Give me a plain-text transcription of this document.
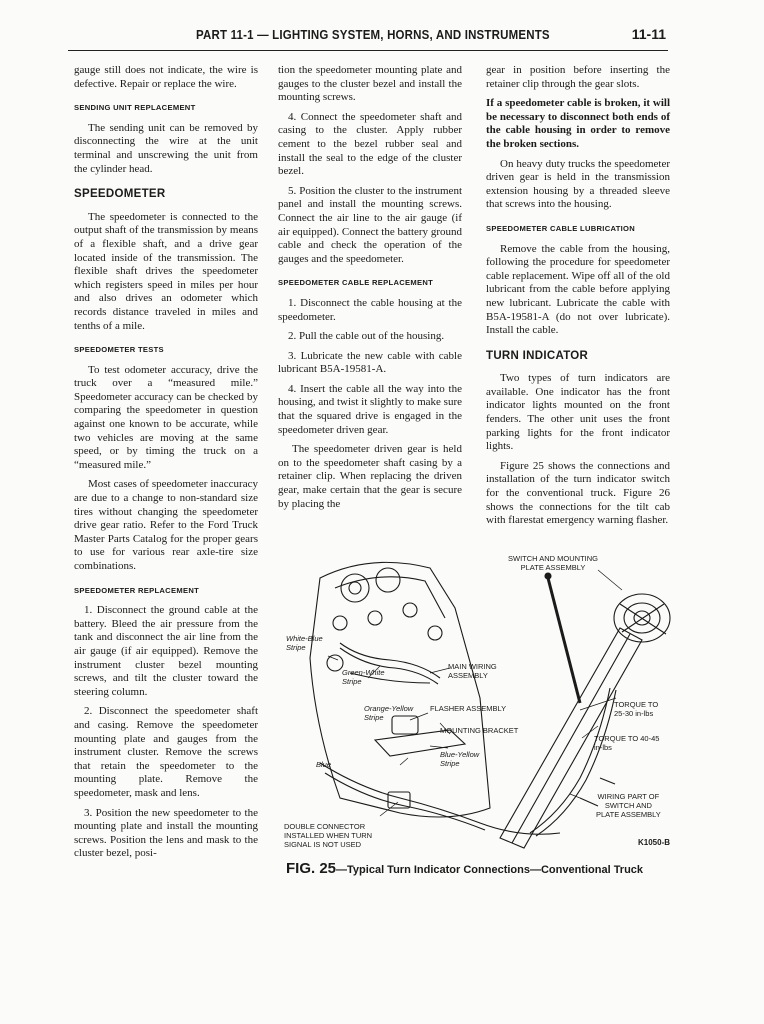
PART 11-1 — LIGHTING SYSTEM, HORNS, AND INSTRUMENTS	11-11

gauge still does not indicate, the wire is defective. Repair or replace the wire.

SENDING UNIT REPLACEMENT

The sending unit can be removed by disconnecting the wire at the unit terminal and unscrewing the unit from the cylinder head.

SPEEDOMETER

The speedometer is connected to the output shaft of the transmission by means of a flexible shaft, and a drive gear located inside of the transmission. The flexible shaft drives the speedometer which registers speed in miles per hour and also drives an odometer which records distance traveled in miles and tenths of a mile.

SPEEDOMETER TESTS

To test odometer accuracy, drive the truck over a “measured mile.” Speedometer accuracy can be checked by comparing the speedometer in question against one known to be accurate, while two vehicles are moving at the same speed, or by timing the truck on a “measured mile.”

Most cases of speedometer inaccuracy are due to a change to non-standard size tires without changing the speedometer drive gear ratio. Refer to the Ford Truck Master Parts Catalog for the proper gears to use for various rear axle-tire size combinations.

SPEEDOMETER REPLACEMENT

1. Disconnect the ground cable at the battery. Bleed the air pressure from the tank and disconnect the air line from the air gauge (if air equipped). Remove the instrument cluster bezel mounting screws, and tilt the cluster toward the steering column.

2. Disconnect the speedometer shaft and casing. Remove the speedometer mounting plate and gauges from the instrument cluster. Remove the screws that retain the speedometer to the mounting plate. Remove the speedometer, mask and lens.

3. Position the new speedometer to the mounting plate and install the mounting screws. Position the lens and mask to the cluster bezel, posi-

tion the speedometer mounting plate and gauges to the cluster bezel and install the mounting screws.

4. Connect the speedometer shaft and casing to the cluster. Apply rubber cement to the bezel rubber seal and install the seal to the edge of the cluster bezel.

5. Position the cluster to the instrument panel and install the mounting screws. Connect the air line to the air gauge (if air equipped). Connect the battery ground cable and check the operation of the gauges and the speedometer.

SPEEDOMETER CABLE REPLACEMENT

1. Disconnect the cable housing at the speedometer.

2. Pull the cable out of the housing.

3. Lubricate the new cable with cable lubricant B5A-19581-A.

4. Insert the cable all the way into the housing, and twist it slightly to make sure that the squared drive is engaged in the speedometer driven gear.

The speedometer driven gear is held on to the speedometer shaft casing by a retainer clip. When replacing the driven gear, make certain that the gear is secure by placing the

gear in position before inserting the retainer clip through the gear slots.

If a speedometer cable is broken, it will be necessary to disconnect both ends of the cable housing in order to remove the broken sections.

On heavy duty trucks the speedometer driven gear is held in the transmission extension housing by a threaded sleeve that screws into the housing.

SPEEDOMETER CABLE LUBRICATION

Remove the cable from the housing, following the procedure for speedometer cable replacement. Wipe off all of the old lubricant from the cable before applying new lubricant. Lubricate the cable with B5A-19581-A (do not over lubricate). Install the cable.

TURN INDICATOR

Two types of turn indicators are available. One indicator has the front indicator lights mounted on the front fenders. The other unit uses the front parking lights for the front indicator lights.

Figure 25 shows the connections and installation of the turn indicator switch for the conventional truck. Figure 26 shows the connections for the tilt cab with flarestat emergency warning flasher.

SWITCH AND MOUNTING
PLATE ASSEMBLY
White-Blue
Stripe
Green-White
Stripe
MAIN WIRING
ASSEMBLY
Orange-Yellow
Stripe
FLASHER ASSEMBLY
MOUNTING BRACKET
TORQUE TO
25-30 in-lbs
TORQUE TO 40-45
in-lbs
Blue
Blue-Yellow
Stripe
WIRING PART OF
SWITCH AND
PLATE ASSEMBLY
DOUBLE CONNECTOR
INSTALLED WHEN TURN
SIGNAL IS NOT USED	K1050-B
FIG. 25—Typical Turn Indicator Connections—Conventional Truck
